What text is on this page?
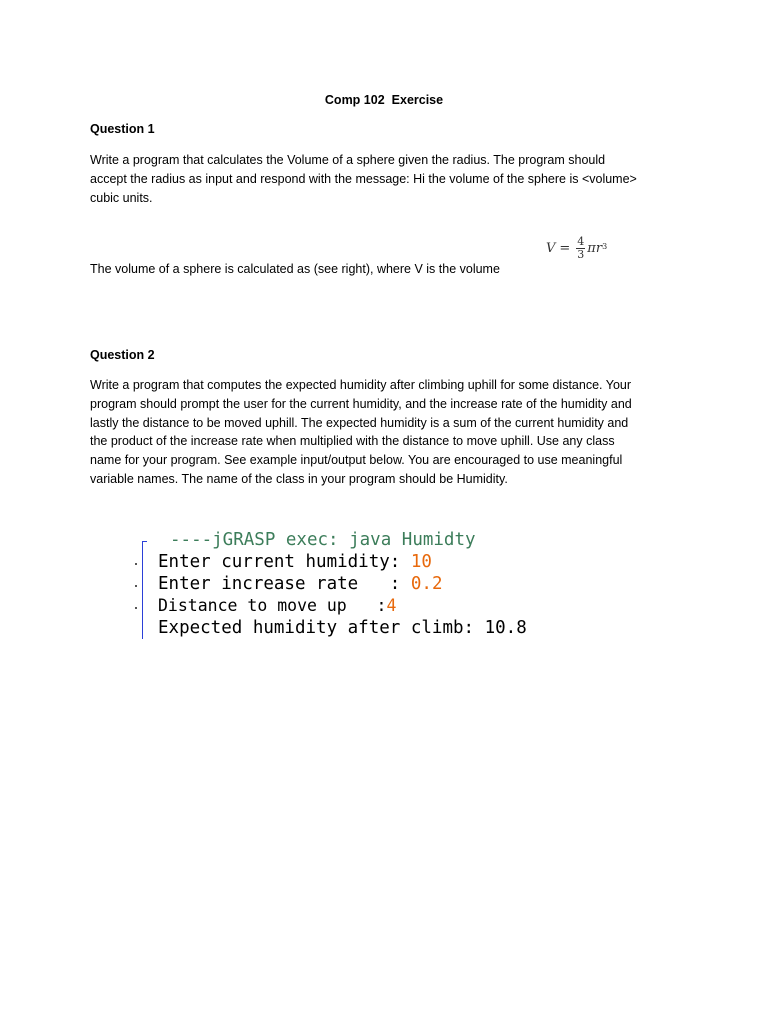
Comp 102 Exercise
Question 1
Write a program that calculates the Volume of a sphere given the radius. The program should
accept the radius as input and respond with the message: Hi the volume of the sphere is <volume>
cubic units.
$V = \frac{4}{3}$ π $r^3$
The volume of a sphere is calculated as (see right), where V is the volume
Question 2
Write a program that computes the expected humidity after climbing uphill for some distance. Your
program should prompt the user for the current humidity, and the increase rate of the humidity and
lastly the distance to be moved uphill. The expected humidity is a sum of the current humidity and
the product of the increase rate when multiplied with the distance to move uphill. Use any class
name for your program. See example input/output below. You are encouraged to use meaningful
variable names. The name of the class in your program should be Humidity.
----jGRASP exec: java Humidty
Enter current humidity: 10
Enter increase rate   : 0.2
Distance to move up   :4
Expected humidity after climb: 10.8
